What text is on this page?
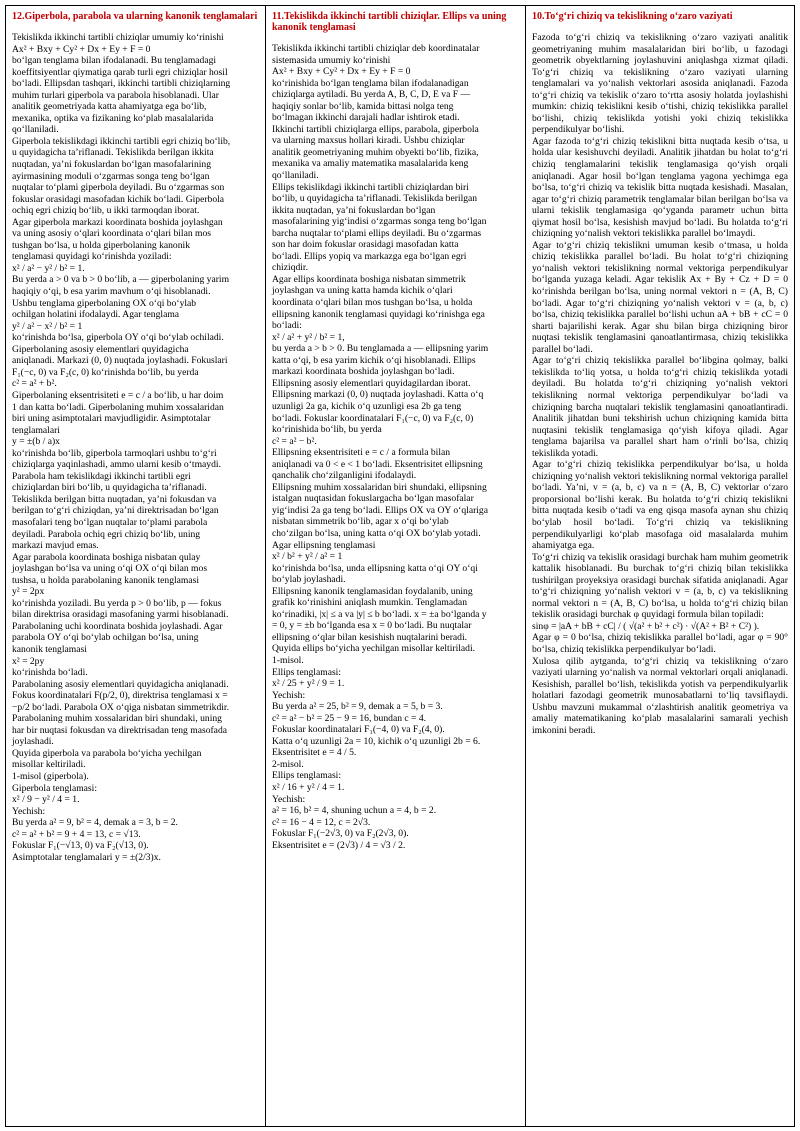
12.Giperbola, parabola va ularning kanonik tenglamalari
Tekislikda ikkinchi tartibli chiziqlar umumiy koʻrinishi
Ax² + Bxy + Cy² + Dx + Ey + F = 0
boʻlgan tenglama bilan ifodalanadi. Bu tenglamadagi
koeffitsiyentlar qiymatiga qarab turli egri chiziqlar hosil
boʻladi. Ellipsdan tashqari, ikkinchi tartibli chiziqlarning
muhim turlari giperbola va parabola hisoblanadi. Ular
analitik geometriyada katta ahamiyatga ega boʻlib,
mexanika, optika va fizikaning koʻplab masalalarida
qoʻllaniladi.
Giperbola tekislikdagi ikkinchi tartibli egri chiziq boʻlib,
u quyidagicha taʼriflanadi. Tekislikda berilgan ikkita
nuqtadan, yaʼni fokuslardan boʻlgan masofalarining
ayirmasining moduli oʻzgarmas songa teng boʻlgan
nuqtalar toʻplami giperbola deyiladi. Bu oʻzgarmas son
fokuslar orasidagi masofadan kichik boʻladi. Giperbola
ochiq egri chiziq boʻlib, u ikki tarmoqdan iborat.
Agar giperbola markazi koordinata boshida joylashgan
va uning asosiy oʻqlari koordinata oʻqlari bilan mos
tushgan boʻlsa, u holda giperbolaning kanonik
tenglamasi quyidagi koʻrinishda yoziladi:
x² / a² − y² / b² = 1.
Bu yerda a > 0 va b > 0 boʻlib, a — giperbolaning yarim
haqiqiy oʻqi, b esa yarim mavhum oʻqi hisoblanadi.
Ushbu tenglama giperbolaning OX oʻqi boʻylab
ochilgan holatini ifodalaydi. Agar tenglama
y² / a² − x² / b² = 1
koʻrinishda boʻlsa, giperbola OY oʻqi boʻylab ochiladi.
Giperbolaning asosiy elementlari quyidagicha
aniqlanadi. Markazi (0, 0) nuqtada joylashadi. Fokuslari
F₁(−c, 0) va F₂(c, 0) koʻrinishda boʻlib, bu yerda
c² = a² + b².
Giperbolaning eksentrisiteti e = c / a boʻlib, u har doim
1 dan katta boʻladi. Giperbolaning muhim xossalaridan
biri uning asimptotalari mavjudligidir. Asimptotalar
tenglamalari
y = ±(b / a)x
koʻrinishda boʻlib, giperbola tarmoqlari ushbu toʻgʻri
chiziqlarga yaqinlashadi, ammo ularni kesib oʻtmaydi.
Parabola ham tekislikdagi ikkinchi tartibli egri
chiziqlardan biri boʻlib, u quyidagicha taʼriflanadi.
Tekislikda berilgan bitta nuqtadan, yaʼni fokusdan va
berilgan toʻgʻri chiziqdan, yaʼni direktrisadan boʻlgan
masofalari teng boʻlgan nuqtalar toʻplami parabola
deyiladi. Parabola ochiq egri chiziq boʻlib, uning
markazi mavjud emas.
Agar parabola koordinata boshiga nisbatan qulay
joylashgan boʻlsa va uning oʻqi OX oʻqi bilan mos
tushsa, u holda parabolaning kanonik tenglamasi
y² = 2px
koʻrinishda yoziladi. Bu yerda p > 0 boʻlib, p — fokus
bilan direktrisa orasidagi masofaning yarmi hisoblanadi.
Parabolaning uchi koordinata boshida joylashadi. Agar
parabola OY oʻqi boʻylab ochilgan boʻlsa, uning
kanonik tenglamasi
x² = 2py
koʻrinishda boʻladi.
Parabolaning asosiy elementlari quyidagicha aniqlanadi.
Fokus koordinatalari F(p/2, 0), direktrisa tenglamasi x =
−p/2 boʻladi. Parabola OX oʻqiga nisbatan simmetrikdir.
Parabolaning muhim xossalaridan biri shundaki, uning
har bir nuqtasi fokusdan va direktrisadan teng masofada
joylashadi.
Quyida giperbola va parabola boʻyicha yechilgan
misollar keltiriladi.
1-misol (giperbola).
Giperbola tenglamasi:
x² / 9 − y² / 4 = 1.
Yechish:
Bu yerda a² = 9, b² = 4, demak a = 3, b = 2.
c² = a² + b² = 9 + 4 = 13, c = √13.
Fokuslar F₁(−√13, 0) va F₂(√13, 0).
Asimptotalar tenglamalari y = ±(2/3)x.
11.Tekislikda ikkinchi tartibli chiziqlar. Ellips va uning kanonik tenglamasi
Tekislikda ikkinchi tartibli chiziqlar deb koordinatalar
sistemasida umumiy koʻrinishi
Ax² + Bxy + Cy² + Dx + Ey + F = 0
koʻrinishida boʻlgan tenglama bilan ifodalanadigan
chiziqlarga aytiladi. Bu yerda A, B, C, D, E va F —
haqiqiy sonlar boʻlib, kamida bittasi nolga teng
boʻlmagan ikkinchi darajali hadlar ishtirok etadi.
Ikkinchi tartibli chiziqlarga ellips, parabola, giperbola
va ularning maxsus hollari kiradi. Ushbu chiziqlar
analitik geometriyaning muhim obyekti boʻlib, fizika,
mexanika va amaliy matematika masalalarida keng
qoʻllaniladi.
Ellips tekislikdagi ikkinchi tartibli chiziqlardan biri
boʻlib, u quyidagicha taʼriflanadi. Tekislikda berilgan
ikkita nuqtadan, yaʼni fokuslardan boʻlgan
masofalarining yigʻindisi oʻzgarmas songa teng boʻlgan
barcha nuqtalar toʻplami ellips deyiladi. Bu oʻzgarmas
son har doim fokuslar orasidagi masofadan katta
boʻladi. Ellips yopiq va markazga ega boʻlgan egri
chiziqdir.
Agar ellips koordinata boshiga nisbatan simmetrik
joylashgan va uning katta hamda kichik oʻqlari
koordinata oʻqlari bilan mos tushgan boʻlsa, u holda
ellipsning kanonik tenglamasi quyidagi koʻrinishga ega
boʻladi:
x² / a² + y² / b² = 1,
bu yerda a > b > 0. Bu tenglamada a — ellipsning yarim
katta oʻqi, b esa yarim kichik oʻqi hisoblanadi. Ellips
markazi koordinata boshida joylashgan boʻladi.
Ellipsning asosiy elementlari quyidagilardan iborat.
Ellipsning markazi (0, 0) nuqtada joylashadi. Katta oʻq
uzunligi 2a ga, kichik oʻq uzunligi esa 2b ga teng
boʻladi. Fokuslar koordinatalari F₁(−c, 0) va F₂(c, 0)
koʻrinishida boʻlib, bu yerda
c² = a² − b².
Ellipsning eksentrisiteti e = c / a formula bilan
aniqlanadi va 0 < e < 1 boʻladi. Eksentrisitet ellipsning
qanchalik choʻzilganligini ifodalaydi.
Ellipsning muhim xossalaridan biri shundaki, ellipsning
istalgan nuqtasidan fokuslargacha boʻlgan masofalar
yigʻindisi 2a ga teng boʻladi. Ellips OX va OY oʻqlariga
nisbatan simmetrik boʻlib, agar x oʻqi boʻylab
choʻzilgan boʻlsa, uning katta oʻqi OX boʻylab yotadi.
Agar ellipsning tenglamasi
x² / b² + y² / a² = 1
koʻrinishda boʻlsa, unda ellipsning katta oʻqi OY oʻqi
boʻylab joylashadi.
Ellipsning kanonik tenglamasidan foydalanib, uning
grafik koʻrinishini aniqlash mumkin. Tenglamadan
koʻrinadiki, |x| ≤ a va |y| ≤ b boʻladi. x = ±a boʻlganda y
= 0, y = ±b boʻlganda esa x = 0 boʻladi. Bu nuqtalar
ellipsning oʻqlar bilan kesishish nuqtalarini beradi.
Quyida ellips boʻyicha yechilgan misollar keltiriladi.
1-misol.
Ellips tenglamasi:
x² / 25 + y² / 9 = 1.
Yechish:
Bu yerda a² = 25, b² = 9, demak a = 5, b = 3.
c² = a² − b² = 25 − 9 = 16, bundan c = 4.
Fokuslar koordinatalari F₁(−4, 0) va F₂(4, 0).
Katta oʻq uzunligi 2a = 10, kichik oʻq uzunligi 2b = 6.
Eksentrisitet e = 4 / 5.
2-misol.
Ellips tenglamasi:
x² / 16 + y² / 4 = 1.
Yechish:
a² = 16, b² = 4, shuning uchun a = 4, b = 2.
c² = 16 − 4 = 12, c = 2√3.
Fokuslar F₁(−2√3, 0) va F₂(2√3, 0).
Eksentrisitet e = (2√3) / 4 = √3 / 2.
10.Toʻgʻri chiziq va tekislikning oʻzaro vaziyati
Fazoda toʻgʻri chiziq va tekislikning oʻzaro vaziyati analitik geometriyaning muhim masalalaridan biri boʻlib, u fazodagi geometrik obyektlarning joylashuvini aniqlashga xizmat qiladi. Toʻgʻri chiziq va tekislikning oʻzaro vaziyati ularning tenglamalari va yoʻnalish vektorlari asosida aniqlanadi. Fazoda toʻgʻri chiziq va tekislik oʻzaro toʻrtta asosiy holatda joylashishi mumkin: chiziq tekislikni kesib oʻtishi, chiziq tekislikka parallel boʻlishi, chiziq tekislikda yotishi yoki chiziq tekislikka perpendikulyar boʻlishi.
Agar fazoda toʻgʻri chiziq tekislikni bitta nuqtada kesib oʻtsa, u holda ular kesishuvchi deyiladi. Analitik jihatdan bu holat toʻgʻri chiziq tenglamalarini tekislik tenglamasiga qoʻyish orqali aniqlanadi. Agar hosil boʻlgan tenglama yagona yechimga ega boʻlsa, toʻgʻri chiziq va tekislik bitta nuqtada kesishadi. Masalan, agar toʻgʻri chiziq parametrik tenglamalar bilan berilgan boʻlsa va ularni tekislik tenglamasiga qoʻyganda parametr uchun bitta qiymat hosil boʻlsa, kesishish mavjud boʻladi. Bu holatda toʻgʻri chiziqning yoʻnalish vektori tekislikka parallel boʻlmaydi.
Agar toʻgʻri chiziq tekislikni umuman kesib oʻtmasa, u holda chiziq tekislikka parallel boʻladi. Bu holat toʻgʻri chiziqning yoʻnalish vektori tekislikning normal vektoriga perpendikulyar boʻlganda yuzaga keladi. Agar tekislik Ax + By + Cz + D = 0 koʻrinishda berilgan boʻlsa, uning normal vektori n = (A, B, C) boʻladi. Agar toʻgʻri chiziqning yoʻnalish vektori v = (a, b, c) boʻlsa, chiziq tekislikka parallel boʻlishi uchun aA + bB + cC = 0 sharti bajarilishi kerak. Agar shu bilan birga chiziqning biror nuqtasi tekislik tenglamasini qanoatlantirmasa, chiziq tekislikka parallel boʻladi.
Agar toʻgʻri chiziq tekislikka parallel boʻlibgina qolmay, balki tekislikda toʻliq yotsa, u holda toʻgʻri chiziq tekislikda yotadi deyiladi. Bu holatda toʻgʻri chiziqning yoʻnalish vektori tekislikning normal vektoriga perpendikulyar boʻladi va chiziqning barcha nuqtalari tekislik tenglamasini qanoatlantiradi. Analitik jihatdan buni tekshirish uchun chiziqning kamida bitta nuqtasini tekislik tenglamasiga qoʻyish kifoya qiladi. Agar tenglama bajarilsa va parallel shart ham oʻrinli boʻlsa, chiziq tekislikda yotadi.
Agar toʻgʻri chiziq tekislikka perpendikulyar boʻlsa, u holda chiziqning yoʻnalish vektori tekislikning normal vektoriga parallel boʻladi. Yaʼni, v = (a, b, c) va n = (A, B, C) vektorlar oʻzaro proporsional boʻlishi kerak. Bu holatda toʻgʻri chiziq tekislikni bitta nuqtada kesib oʻtadi va eng qisqa masofa aynan shu chiziq boʻylab hosil boʻladi. Toʻgʻri chiziq va tekislikning perpendikulyarligi koʻplab masofaga oid masalalarda muhim ahamiyatga ega.
Toʻgʻri chiziq va tekislik orasidagi burchak ham muhim geometrik kattalik hisoblanadi. Bu burchak toʻgʻri chiziq bilan tekislikka tushirilgan proyeksiya orasidagi burchak sifatida aniqlanadi. Agar toʻgʻri chiziqning yoʻnalish vektori v = (a, b, c) va tekislikning normal vektori n = (A, B, C) boʻlsa, u holda toʻgʻri chiziq bilan tekislik orasidagi burchak φ quyidagi formula bilan topiladi:
sinφ = |aA + bB + cC| / ( √(a² + b² + c²) · √(A² + B² + C²) ).
Agar φ = 0 boʻlsa, chiziq tekislikka parallel boʻladi, agar φ = 90° boʻlsa, chiziq tekislikka perpendikulyar boʻladi.
Xulosa qilib aytganda, toʻgʻri chiziq va tekislikning oʻzaro vaziyati ularning yoʻnalish va normal vektorlari orqali aniqlanadi. Kesishish, parallel boʻlish, tekislikda yotish va perpendikulyarlik holatlari fazodagi geometrik munosabatlarni toʻliq tavsiflaydi. Ushbu mavzuni mukammal oʻzlashtirish analitik geometriya va amaliy matematikaning koʻplab masalalarini samarali yechish imkonini beradi.
